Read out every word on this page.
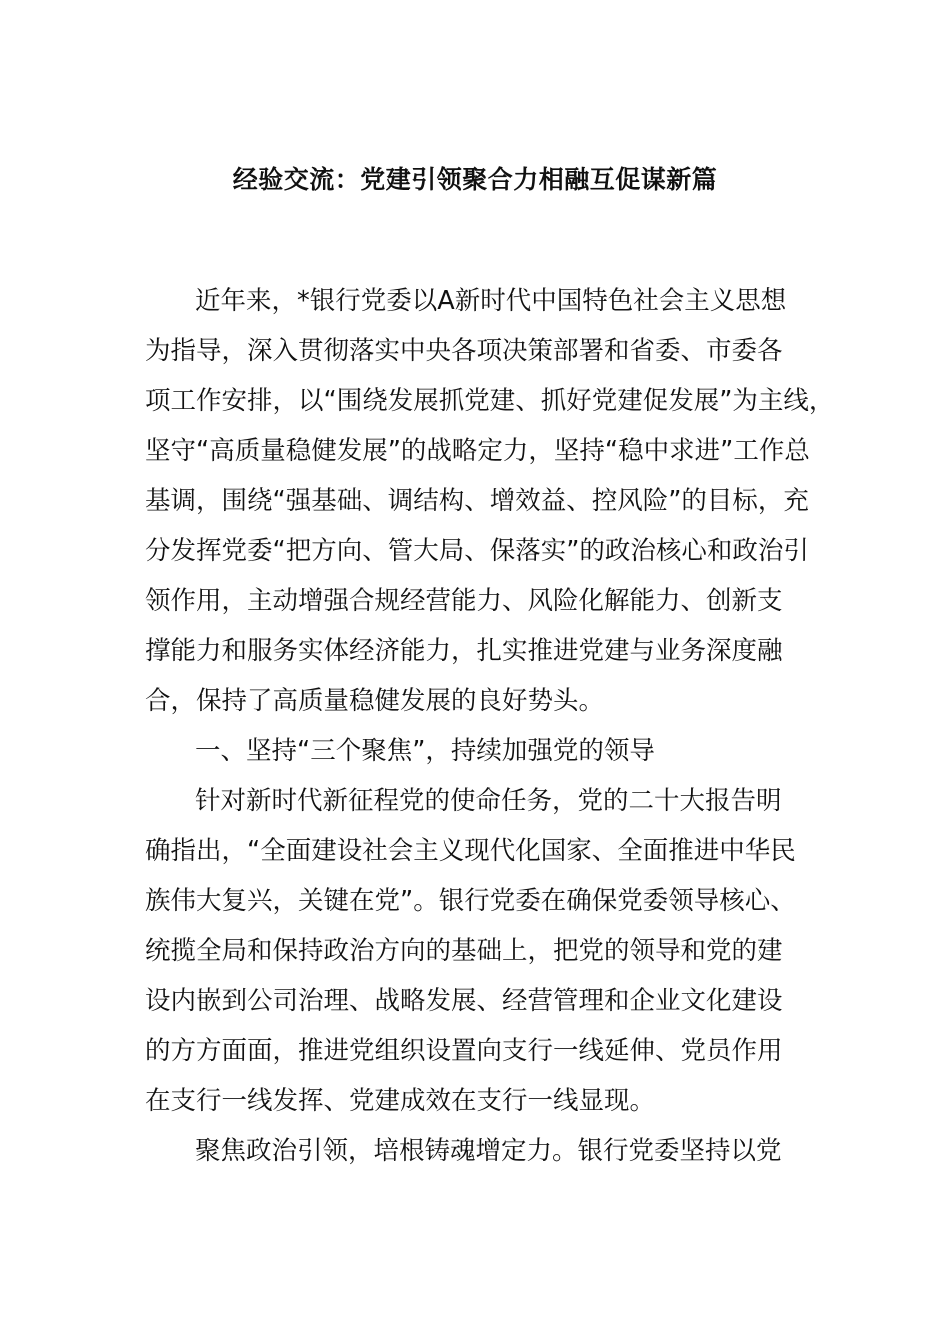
经验交流：党建引领聚合力相融互促谋新篇
近年来，*银行党委以A新时代中国特色社会主义思想
为指导，深入贯彻落实中央各项决策部署和省委、市委各
项工作安排，以“围绕发展抓党建、抓好党建促发展”为主线，
坚守“高质量稳健发展”的战略定力，坚持“稳中求进”工作总
基调，围绕“强基础、调结构、增效益、控风险”的目标，充
分发挥党委“把方向、管大局、保落实”的政治核心和政治引
领作用，主动增强合规经营能力、风险化解能力、创新支
撑能力和服务实体经济能力，扎实推进党建与业务深度融
合，保持了高质量稳健发展的良好势头。
一、坚持“三个聚焦”，持续加强党的领导
针对新时代新征程党的使命任务，党的二十大报告明
确指出，“全面建设社会主义现代化国家、全面推进中华民
族伟大复兴，关键在党”。银行党委在确保党委领导核心、
统揽全局和保持政治方向的基础上，把党的领导和党的建
设内嵌到公司治理、战略发展、经营管理和企业文化建设
的方方面面，推进党组织设置向支行一线延伸、党员作用
在支行一线发挥、党建成效在支行一线显现。
聚焦政治引领，培根铸魂增定力。银行党委坚持以党
